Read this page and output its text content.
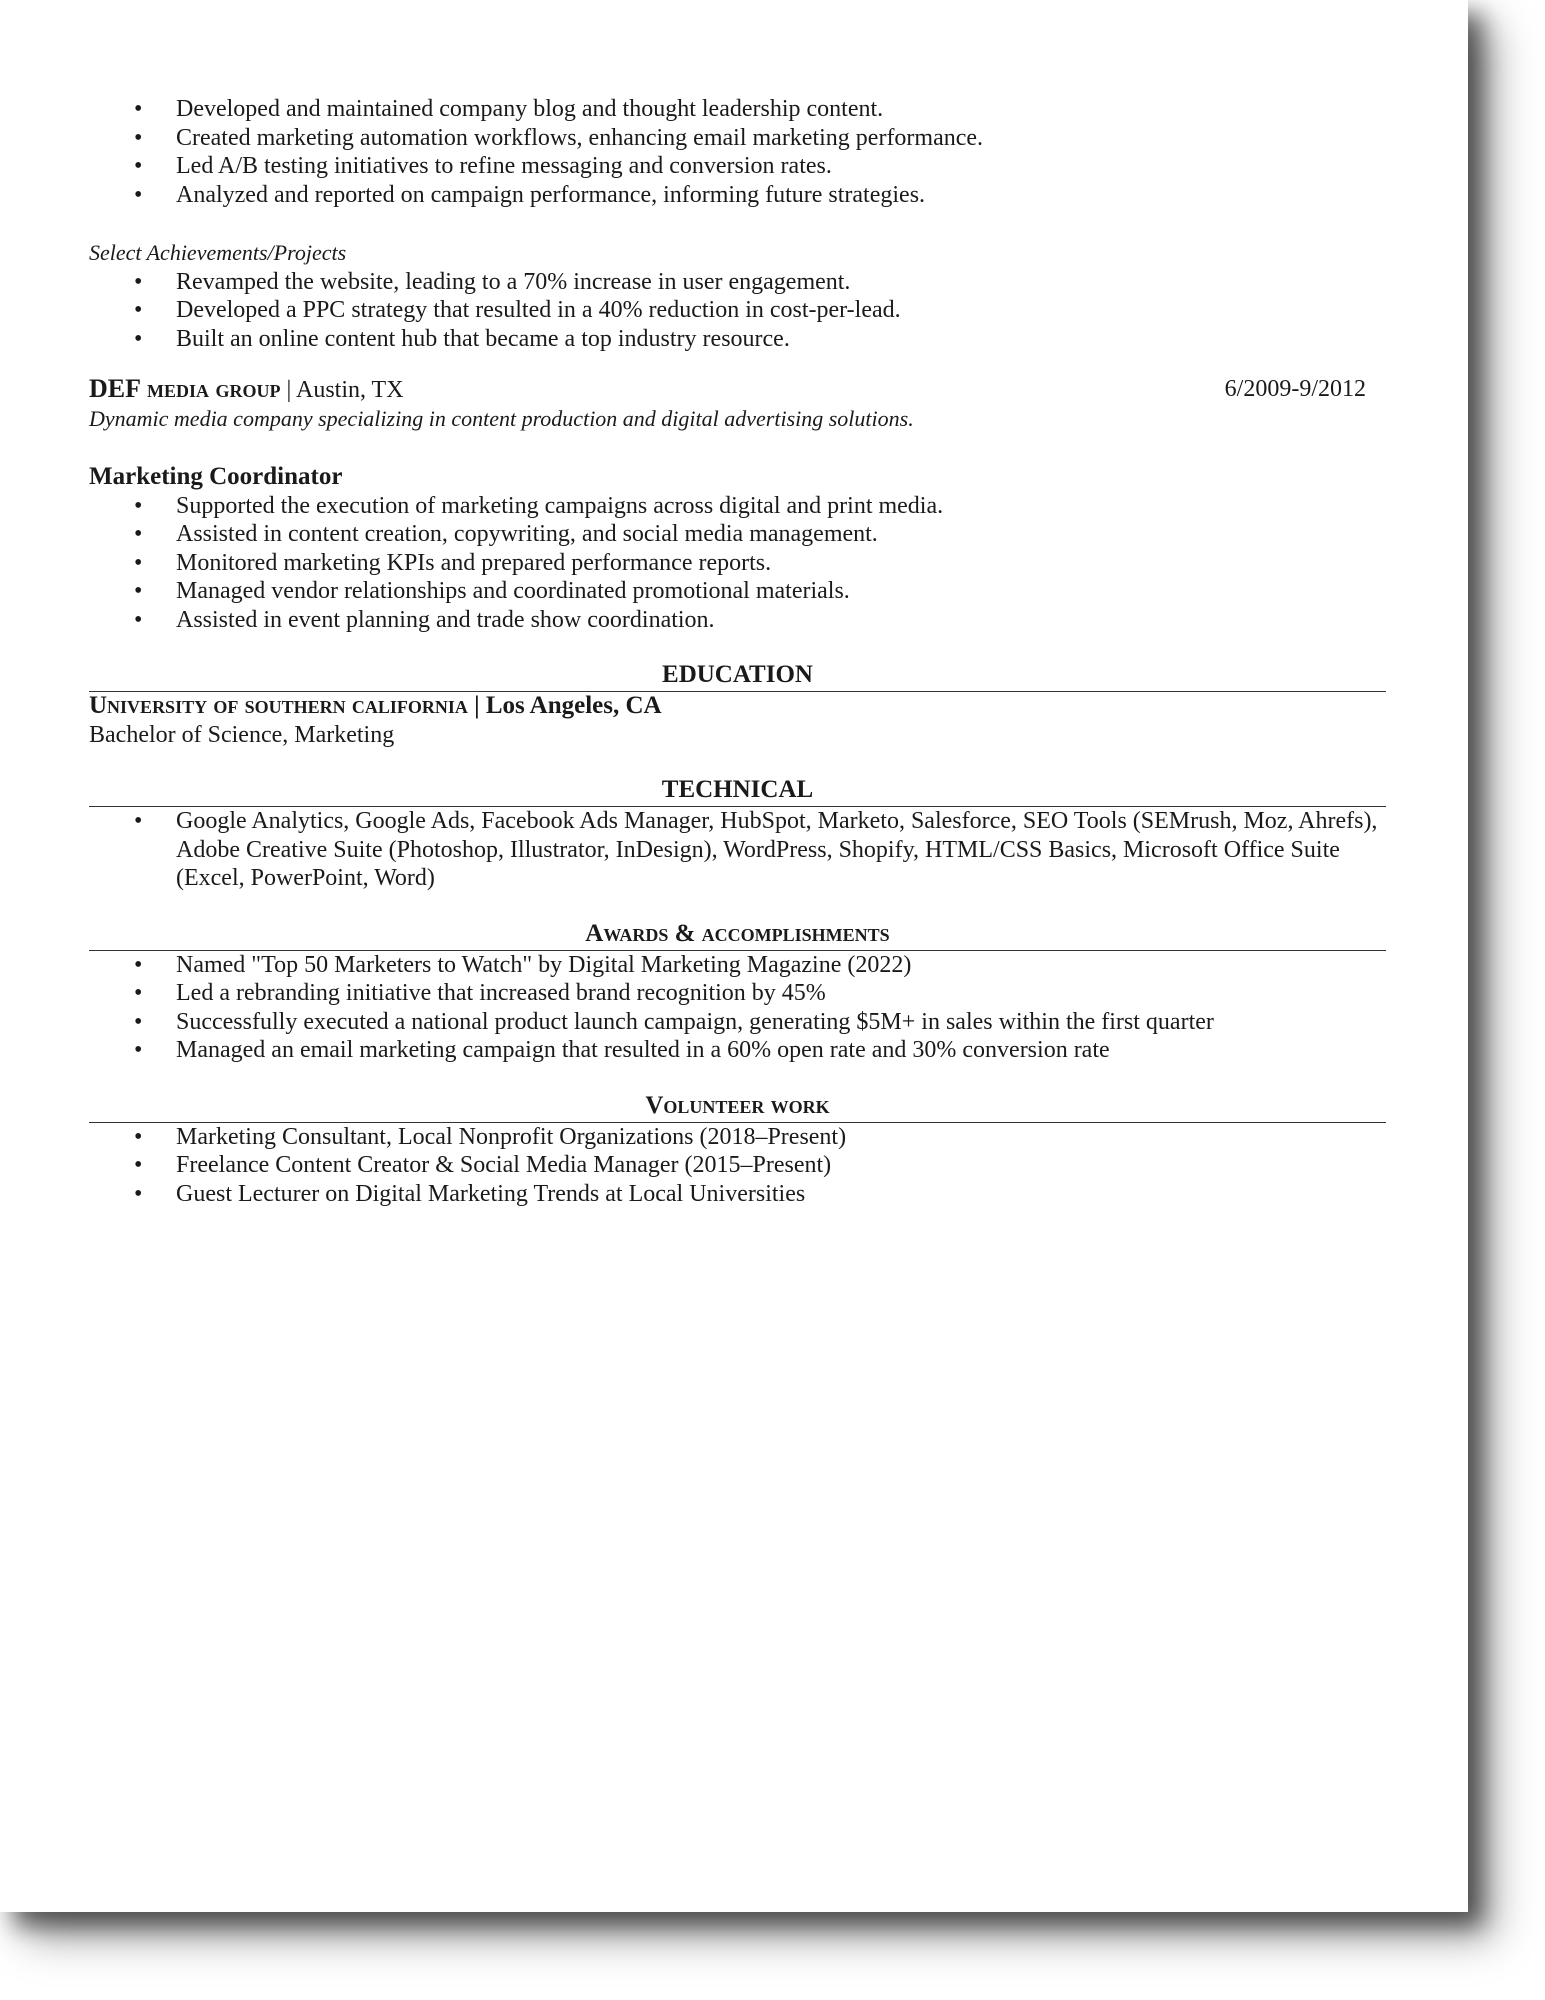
• Developed and maintained company blog and thought leadership content.
• Created marketing automation workflows, enhancing email marketing performance.
• Led A/B testing initiatives to refine messaging and conversion rates.
• Analyzed and reported on campaign performance, informing future strategies.
Select Achievements/Projects
• Revamped the website, leading to a 70% increase in user engagement.
• Developed a PPC strategy that resulted in a 40% reduction in cost-per-lead.
• Built an online content hub that became a top industry resource.
DEF media group | Austin, TX	6/2009-9/2012
Dynamic media company specializing in content production and digital advertising solutions.
Marketing Coordinator
• Supported the execution of marketing campaigns across digital and print media.
• Assisted in content creation, copywriting, and social media management.
• Monitored marketing KPIs and prepared performance reports.
• Managed vendor relationships and coordinated promotional materials.
• Assisted in event planning and trade show coordination.
EDUCATION
University of southern california | Los Angeles, CA
Bachelor of Science, Marketing
TECHNICAL
• Google Analytics, Google Ads, Facebook Ads Manager, HubSpot, Marketo, Salesforce, SEO Tools (SEMrush, Moz, Ahrefs), Adobe Creative Suite (Photoshop, Illustrator, InDesign), WordPress, Shopify, HTML/CSS Basics, Microsoft Office Suite (Excel, PowerPoint, Word)
Awards & accomplishments
• Named "Top 50 Marketers to Watch" by Digital Marketing Magazine (2022)
• Led a rebranding initiative that increased brand recognition by 45%
• Successfully executed a national product launch campaign, generating $5M+ in sales within the first quarter
• Managed an email marketing campaign that resulted in a 60% open rate and 30% conversion rate
Volunteer work
• Marketing Consultant, Local Nonprofit Organizations (2018–Present)
• Freelance Content Creator & Social Media Manager (2015–Present)
• Guest Lecturer on Digital Marketing Trends at Local Universities
